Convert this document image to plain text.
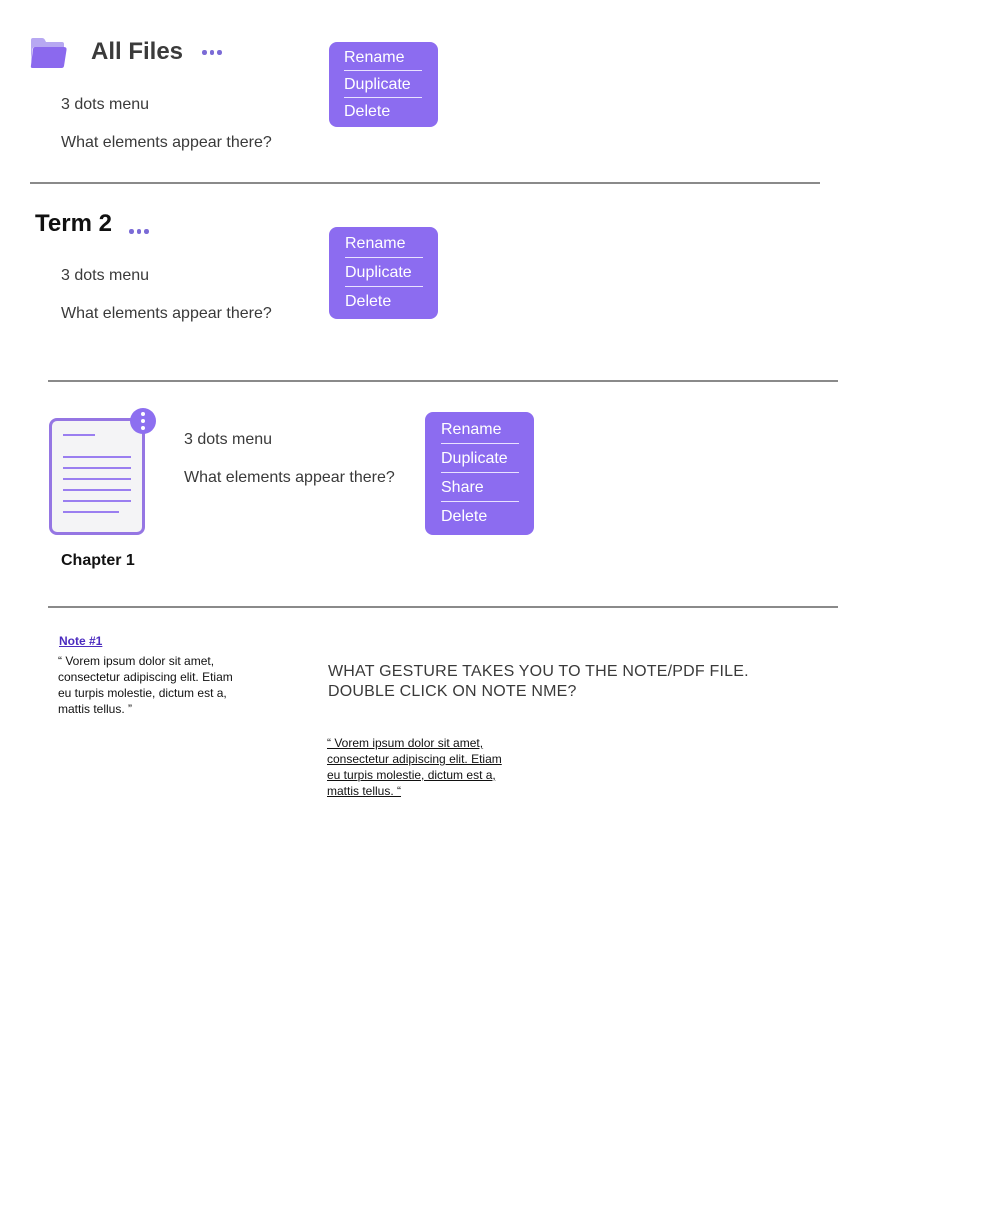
All Files
3 dots menu
What elements appear there?
Rename
Duplicate
Delete
Term 2
3 dots menu
What elements appear there?
Rename
Duplicate
Delete
Chapter 1
3 dots menu
What elements appear there?
Rename
Duplicate
Share
Delete
Note #1
“ Vorem ipsum dolor sit amet,
consectetur adipiscing elit. Etiam
eu turpis molestie, dictum est a,
mattis tellus. ”
WHAT GESTURE TAKES YOU TO THE NOTE/PDF FILE.
DOUBLE CLICK ON NOTE NME?
“ Vorem ipsum dolor sit amet,
consectetur adipiscing elit. Etiam
eu turpis molestie, dictum est a,
mattis tellus. “
